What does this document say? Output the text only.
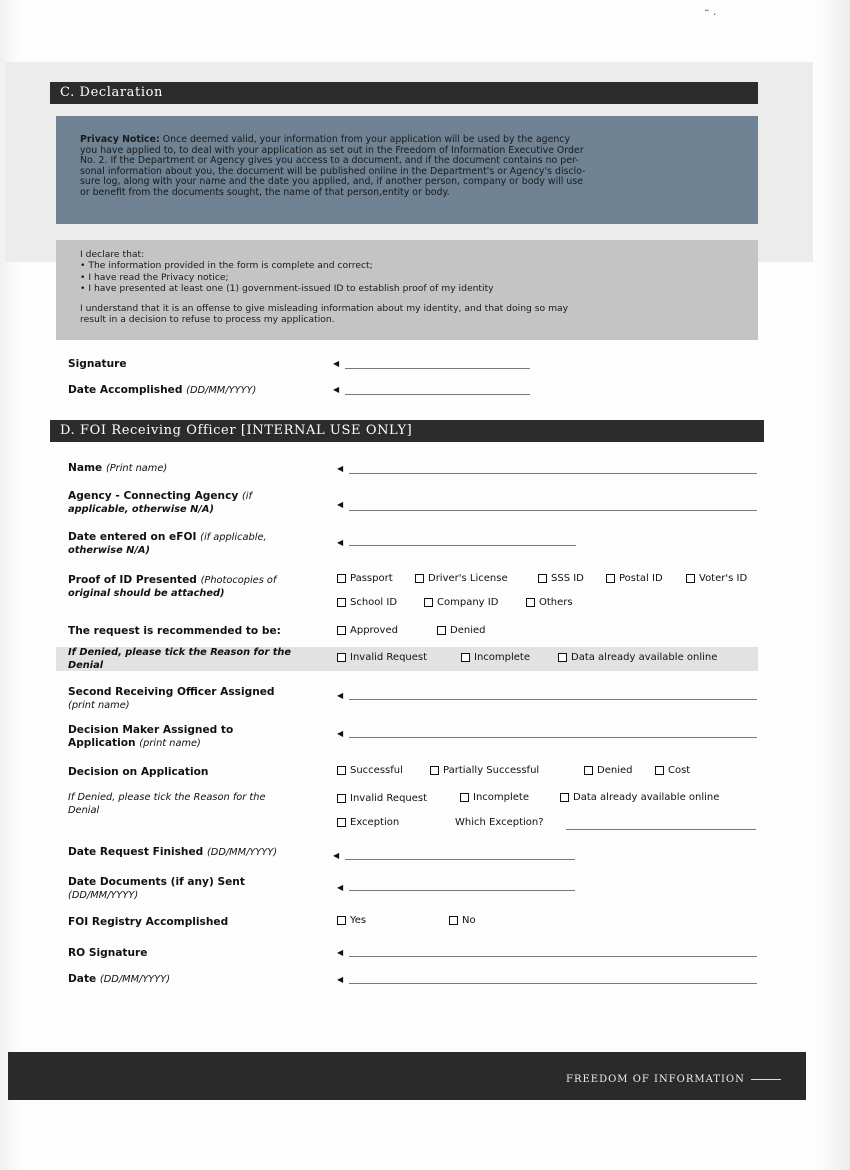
˜ ·
C. Declaration
Privacy Notice: Once deemed valid, your information from your application will be used by the agency
you have applied to, to deal with your application as set out in the Freedom of Information Executive Order
No. 2. If the Department or Agency gives you access to a document, and if the document contains no per-
sonal information about you, the document will be published online in the Department's or Agency's disclo-
sure log, along with your name and the date you applied, and, if another person, company or body will use
or benefit from the documents sought, the name of that person,entity or body.
I declare that:
• The information provided in the form is complete and correct;
• I have read the Privacy notice;
• I have presented at least one (1) government-issued ID to establish proof of my identity
I understand that it is an offense to give misleading information about my identity, and that doing so may
result in a decision to refuse to process my application.
Signature	◀
Date Accomplished (DD/MM/YYYY)	◀
D. FOI Receiving Officer [INTERNAL USE ONLY]
Name (Print name)	◀
Agency - Connecting Agency (if
applicable, otherwise N/A)	◀
Date entered on eFOI (if applicable,
otherwise N/A)
◀
Proof of ID Presented (Photocopies of
original should be attached)
Passport	Driver's License	SSS ID	Postal ID	Voter's ID
School ID	Company ID	Others
The request is recommended to be:	Approved	Denied
If Denied, please tick the Reason for the
Denial
Invalid Request	Incomplete	Data already available online
Second Receiving Officer Assigned
(print name)
◀
Decision Maker Assigned to
Application (print name)
◀
Decision on Application	Successful	Partially Successful	Denied	Cost
If Denied, please tick the Reason for the
Denial
Invalid Request	Incomplete	Data already available online
Exception	Which Exception?
Date Request Finished (DD/MM/YYYY)	◀
Date Documents (if any) Sent
(DD/MM/YYYY)
◀
FOI Registry Accomplished	Yes	No
RO Signature	◀
Date (DD/MM/YYYY)	◀
FREEDOM OF INFORMATION
